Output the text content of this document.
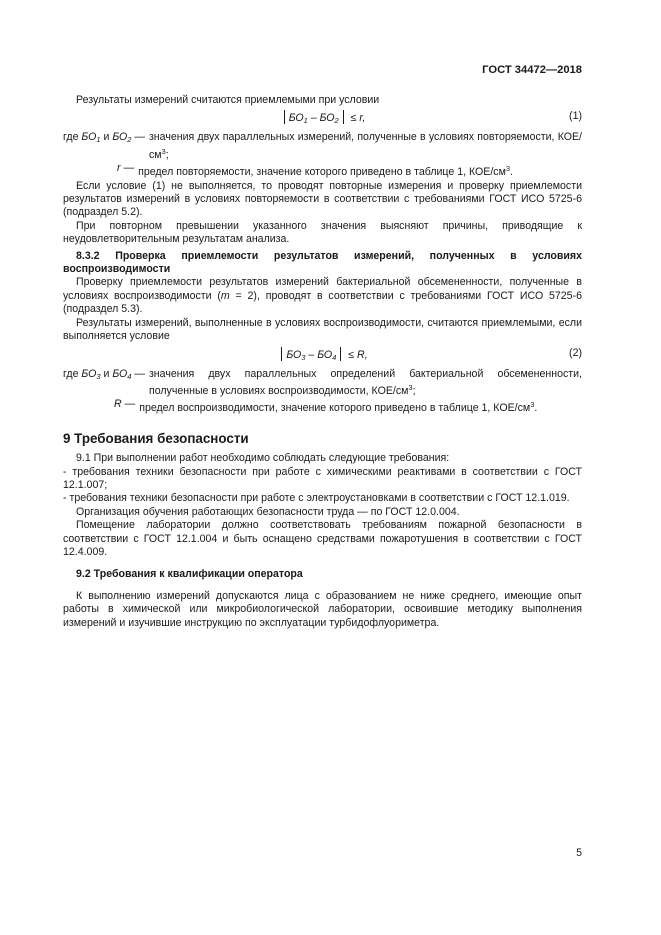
ГОСТ 34472—2018

Результаты измерений считаются приемлемыми при условии

$БО_1 - БО_2 \le r$,	(1)
где $БО_1$ и $БО_2$ — значения двух параллельных измерений, полученные в условиях повторяемости, КОЕ/$см^3$;
r — предел повторяемости, значение которого приведено в таблице 1, КОЕ/$см^3$.

Если условие (1) не выполняется, то проводят повторные измерения и проверку приемлемости результатов измерений в условиях повторяемости в соответствии с требованиями ГОСТ ИСО 5725-6 (подраздел 5.2).

При повторном превышении указанного значения выясняют причины, приводящие к неудовлетворительным результатам анализа.

8.3.2 Проверка приемлемости результатов измерений, полученных в условиях воспроизводимости

Проверку приемлемости результатов измерений бактериальной обсемененности, полученные в условиях воспроизводимости (m = 2), проводят в соответствии с требованиями ГОСТ ИСО 5725-6 (подраздел 5.3).

Результаты измерений, выполненные в условиях воспроизводимости, считаются приемлемыми, если выполняется условие

$БО_3 - БО_4 \le R$,	(2)
где $БО_3$ и $БО_4$ — значения двух параллельных определений бактериальной обсемененности, полученные в условиях воспроизводимости, КОЕ/$см^3$;
R — предел воспроизводимости, значение которого приведено в таблице 1, КОЕ/$см^3$.
9 Требования безопасности

9.1 При выполнении работ необходимо соблюдать следующие требования:

- требования техники безопасности при работе с химическими реактивами в соответствии с ГОСТ 12.1.007;

- требования техники безопасности при работе с электроустановками в соответствии с ГОСТ 12.1.019.

Организация обучения работающих безопасности труда — по ГОСТ 12.0.004.

Помещение лаборатории должно соответствовать требованиям пожарной безопасности в соответствии с ГОСТ 12.1.004 и быть оснащено средствами пожаротушения в соответствии с ГОСТ 12.4.009.

9.2 Требования к квалификации оператора

К выполнению измерений допускаются лица с образованием не ниже среднего, имеющие опыт работы в химической или микробиологической лаборатории, освоившие методику выполнения измерений и изучившие инструкцию по эксплуатации турбидофлуориметра.

5
